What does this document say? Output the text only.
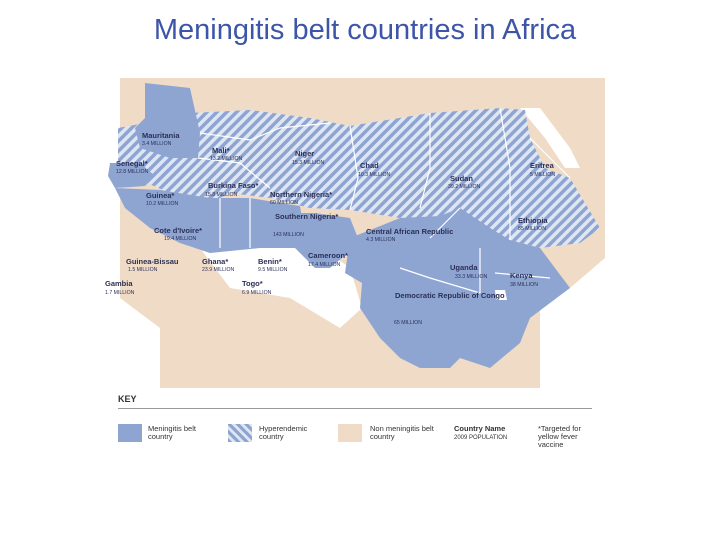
Meningitis belt countries in Africa
Mauritania
3.4 MILLION
Mali*
13.2 MILLION
Niger
15.3 MILLION	Chad
10.3 MILLION	Sudan
39.2 MILLION
Eritrea
5 MILLION
Senegal*
12.8 MILLION
Burkina Faso*
15.8 MILLION	Northern Nigeria*
60 MILLION
Guinea*
10.2 MILLION
Cote d'Ivoire*
19.4 MILLION
Southern Nigeria*
143 MILLION	Central African Republic
4.3 MILLION
Ethiopia
85 MILLION
Cameroon*
17.4 MILLION
Guinea-Bissau
1.5 MILLION
Ghana*
23.9 MILLION
Benin*
9.5 MILLION	Uganda
33.3 MILLION	Kenya
38 MILLION
Gambia
1.7 MILLION
Togo*
6.9 MILLION	Democratic Republic of Congo
65 MILLION
KEY
Meningitis belt country
Hyperendemic country
Non meningitis belt country
Country Name
2009 POPULATION
*Targeted for yellow fever vaccine
